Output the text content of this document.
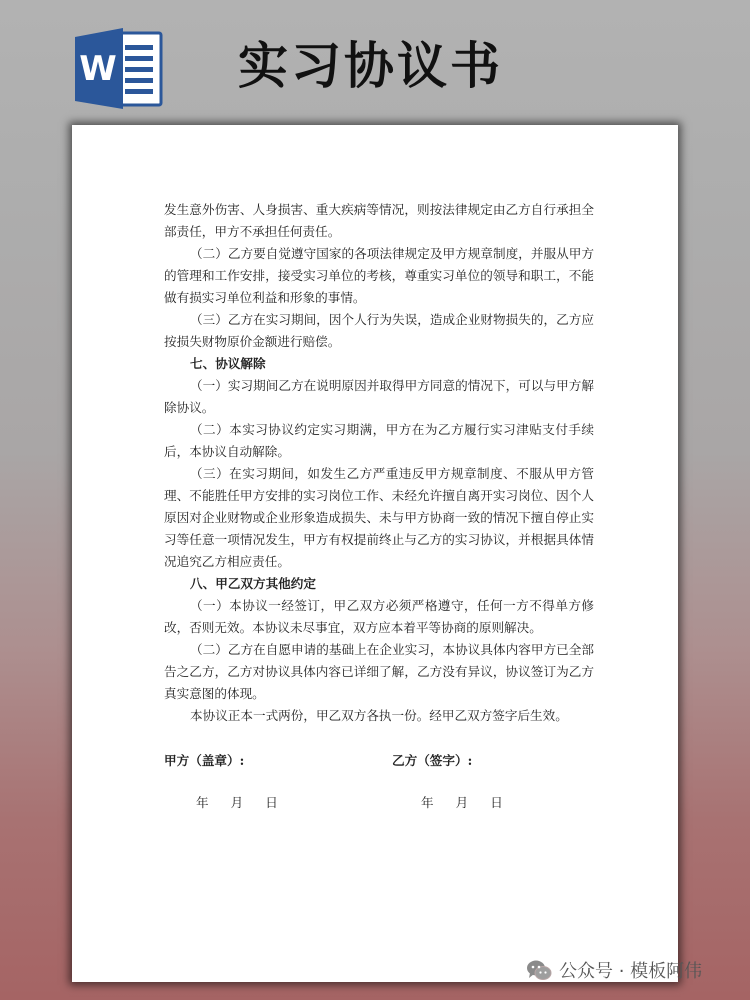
W 实习协议书

发生意外伤害、人身损害、重大疾病等情况，则按法律规定由乙方自行承担全部责任，甲方不承担任何责任。

（二）乙方要自觉遵守国家的各项法律规定及甲方规章制度，并服从甲方的管理和工作安排，接受实习单位的考核，尊重实习单位的领导和职工，不能做有损实习单位利益和形象的事情。

（三）乙方在实习期间，因个人行为失误，造成企业财物损失的，乙方应按损失财物原价金额进行赔偿。

七、协议解除

（一）实习期间乙方在说明原因并取得甲方同意的情况下，可以与甲方解除协议。

（二）本实习协议约定实习期满，甲方在为乙方履行实习津贴支付手续后，本协议自动解除。

（三）在实习期间，如发生乙方严重违反甲方规章制度、不服从甲方管理、不能胜任甲方安排的实习岗位工作、未经允许擅自离开实习岗位、因个人原因对企业财物或企业形象造成损失、未与甲方协商一致的情况下擅自停止实习等任意一项情况发生，甲方有权提前终止与乙方的实习协议，并根据具体情况追究乙方相应责任。

八、甲乙双方其他约定

（一）本协议一经签订，甲乙双方必须严格遵守，任何一方不得单方修改，否则无效。本协议未尽事宜，双方应本着平等协商的原则解决。

（二）乙方在自愿申请的基础上在企业实习，本协议具体内容甲方已全部告之乙方，乙方对协议具体内容已详细了解，乙方没有异议，协议签订为乙方真实意图的体现。

本协议正本一式两份，甲乙双方各执一份。经甲乙双方签字后生效。

甲方（盖章）:	乙方（签字）:
年 月 日	年 月 日
公众号 · 模板阿伟
